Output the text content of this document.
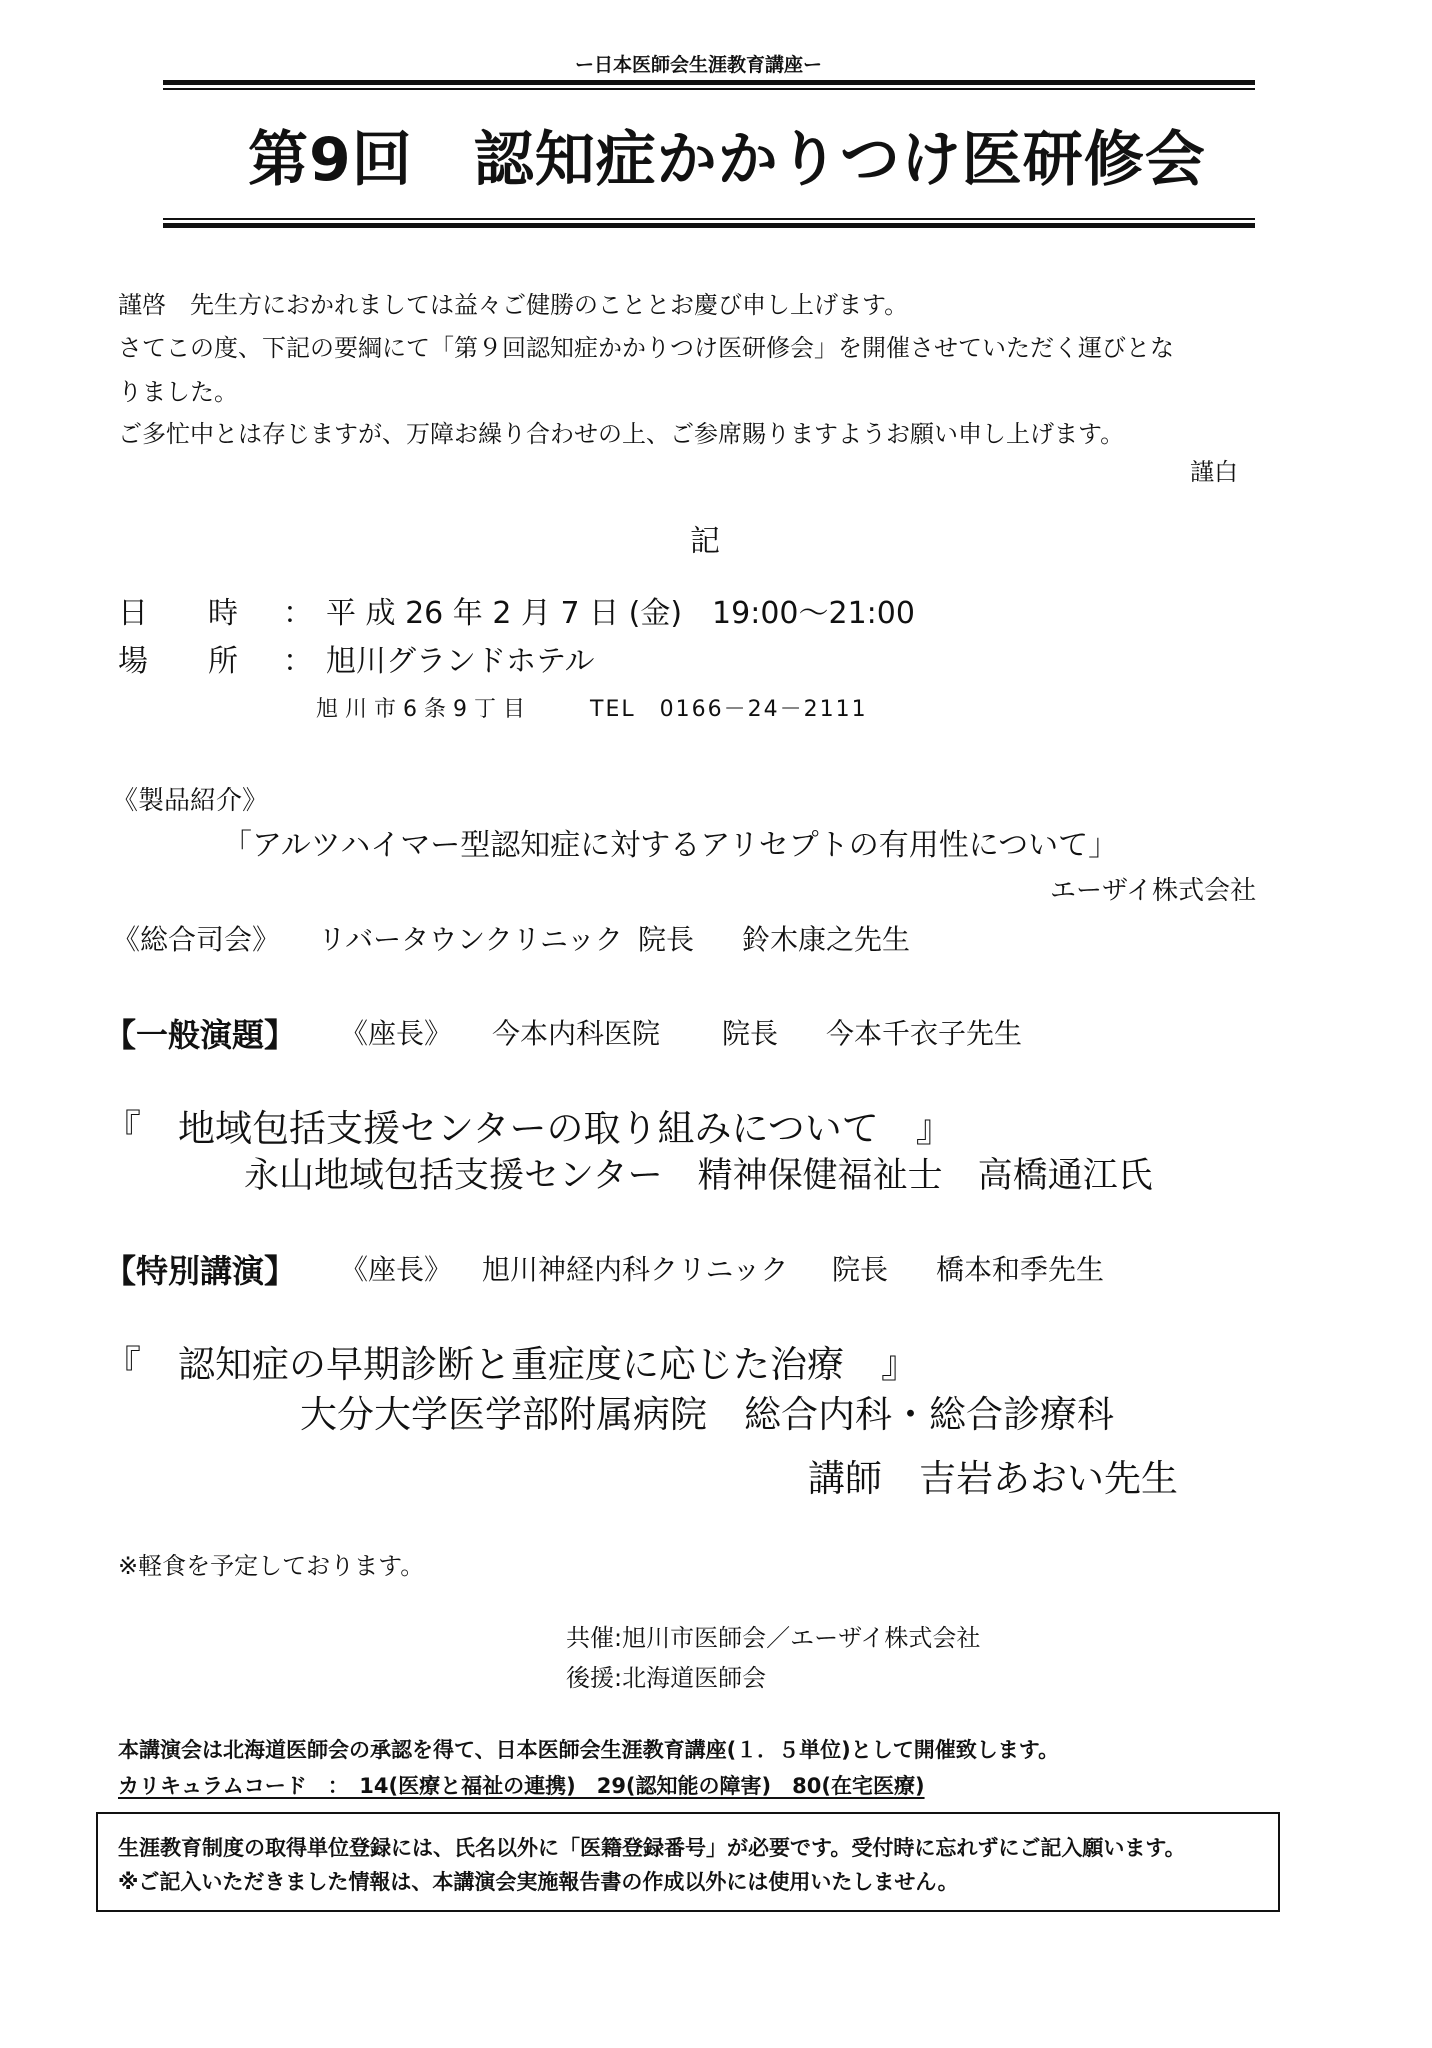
ー日本医師会生涯教育講座ー
第9回　認知症かかりつけ医研修会
謹啓　先生方におかれましては益々ご健勝のこととお慶び申し上げます。
さてこの度、下記の要綱にて「第９回認知症かかりつけ医研修会」を開催させていただく運びとな
りました。
ご多忙中とは存じますが、万障お繰り合わせの上、ご参席賜りますようお願い申し上げます。
謹白
記
日　　時 ： 平 成 26 年 2 月 7 日 (金)　19:00～21:00
場　　所 ： 旭川グランドホテル
旭 川 市 6 条 9 丁 目	TEL　0166－24－2111
《製品紹介》
「アルツハイマー型認知症に対するアリセプトの有用性について」
エーザイ株式会社
《総合司会》 リバータウンクリニック 院長 鈴木康之先生
【一般演題】 《座長》 今本内科医院 院長 今本千衣子先生
『　地域包括支援センターの取り組みについて　』
永山地域包括支援センター　精神保健福祉士　高橋通江氏
【特別講演】 《座長》 旭川神経内科クリニック 院長 橋本和季先生
『　認知症の早期診断と重症度に応じた治療　』
大分大学医学部附属病院　総合内科・総合診療科
講師　吉岩あおい先生
※軽食を予定しております。
共催:旭川市医師会／エーザイ株式会社
後援:北海道医師会
本講演会は北海道医師会の承認を得て、日本医師会生涯教育講座(１．５単位)として開催致します。
カリキュラムコード　：　14(医療と福祉の連携)　29(認知能の障害)　80(在宅医療)
生涯教育制度の取得単位登録には、氏名以外に「医籍登録番号」が必要です。受付時に忘れずにご記入願います。
※ご記入いただきました情報は、本講演会実施報告書の作成以外には使用いたしません。
